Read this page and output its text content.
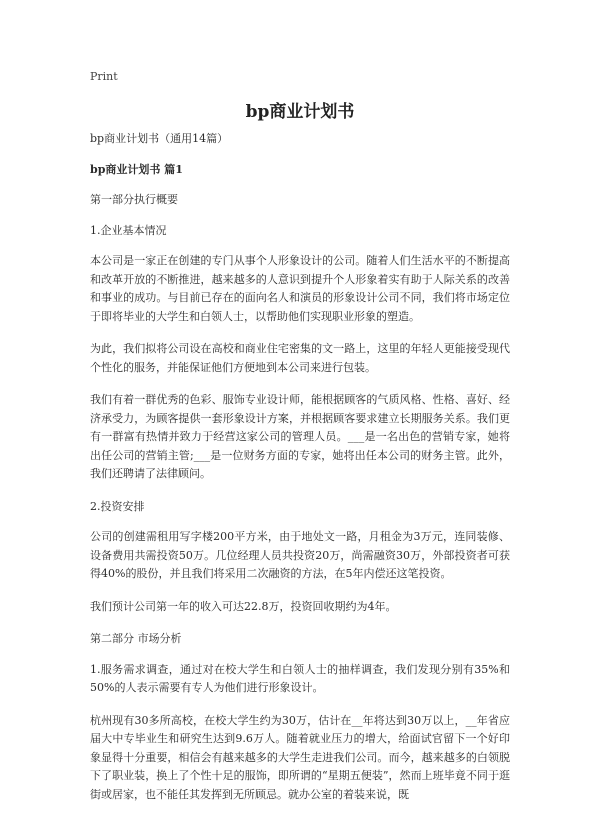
Print
bp商业计划书

bp商业计划书（通用14篇）

bp商业计划书 篇1

第一部分执行概要

1.企业基本情况

本公司是一家正在创建的专门从事个人形象设计的公司。随着人们生活水平的不断提高和改革开放的不断推进，越来越多的人意识到提升个人形象着实有助于人际关系的改善和事业的成功。与目前已存在的面向名人和演员的形象设计公司不同，我们将市场定位于即将毕业的大学生和白领人士，以帮助他们实现职业形象的塑造。

为此，我们拟将公司设在高校和商业住宅密集的文一路上，这里的年轻人更能接受现代个性化的服务，并能保证他们方便地到本公司来进行包装。

我们有着一群优秀的色彩、服饰专业设计师，能根据顾客的气质风格、性格、喜好、经济承受力，为顾客提供一套形象设计方案，并根据顾客要求建立长期服务关系。我们更有一群富有热情并致力于经营这家公司的管理人员。___是一名出色的营销专家，她将出任公司的营销主管;___是一位财务方面的专家，她将出任本公司的财务主管。此外，我们还聘请了法律顾问。

2.投资安排

公司的创建需租用写字楼200平方米，由于地处文一路，月租金为3万元，连同装修、设备费用共需投资50万。几位经理人员共投资20万，尚需融资30万，外部投资者可获得40%的股份，并且我们将采用二次融资的方法，在5年内偿还这笔投资。

我们预计公司第一年的收入可达22.8万，投资回收期约为4年。

第二部分 市场分析

1.服务需求调查，通过对在校大学生和白领人士的抽样调查，我们发现分别有35%和50%的人表示需要有专人为他们进行形象设计。

杭州现有30多所高校，在校大学生约为30万，估计在__年将达到30万以上，__年省应届大中专毕业生和研究生达到9.6万人。随着就业压力的增大，给面试官留下一个好印象显得十分重要，相信会有越来越多的大学生走进我们公司。而今，越来越多的白领脱下了职业装，换上了个性十足的服饰，即所谓的“星期五便装”，然而上班毕竟不同于逛街或居家，也不能任其发挥到无所顾忌。就办公室的着装来说，既
